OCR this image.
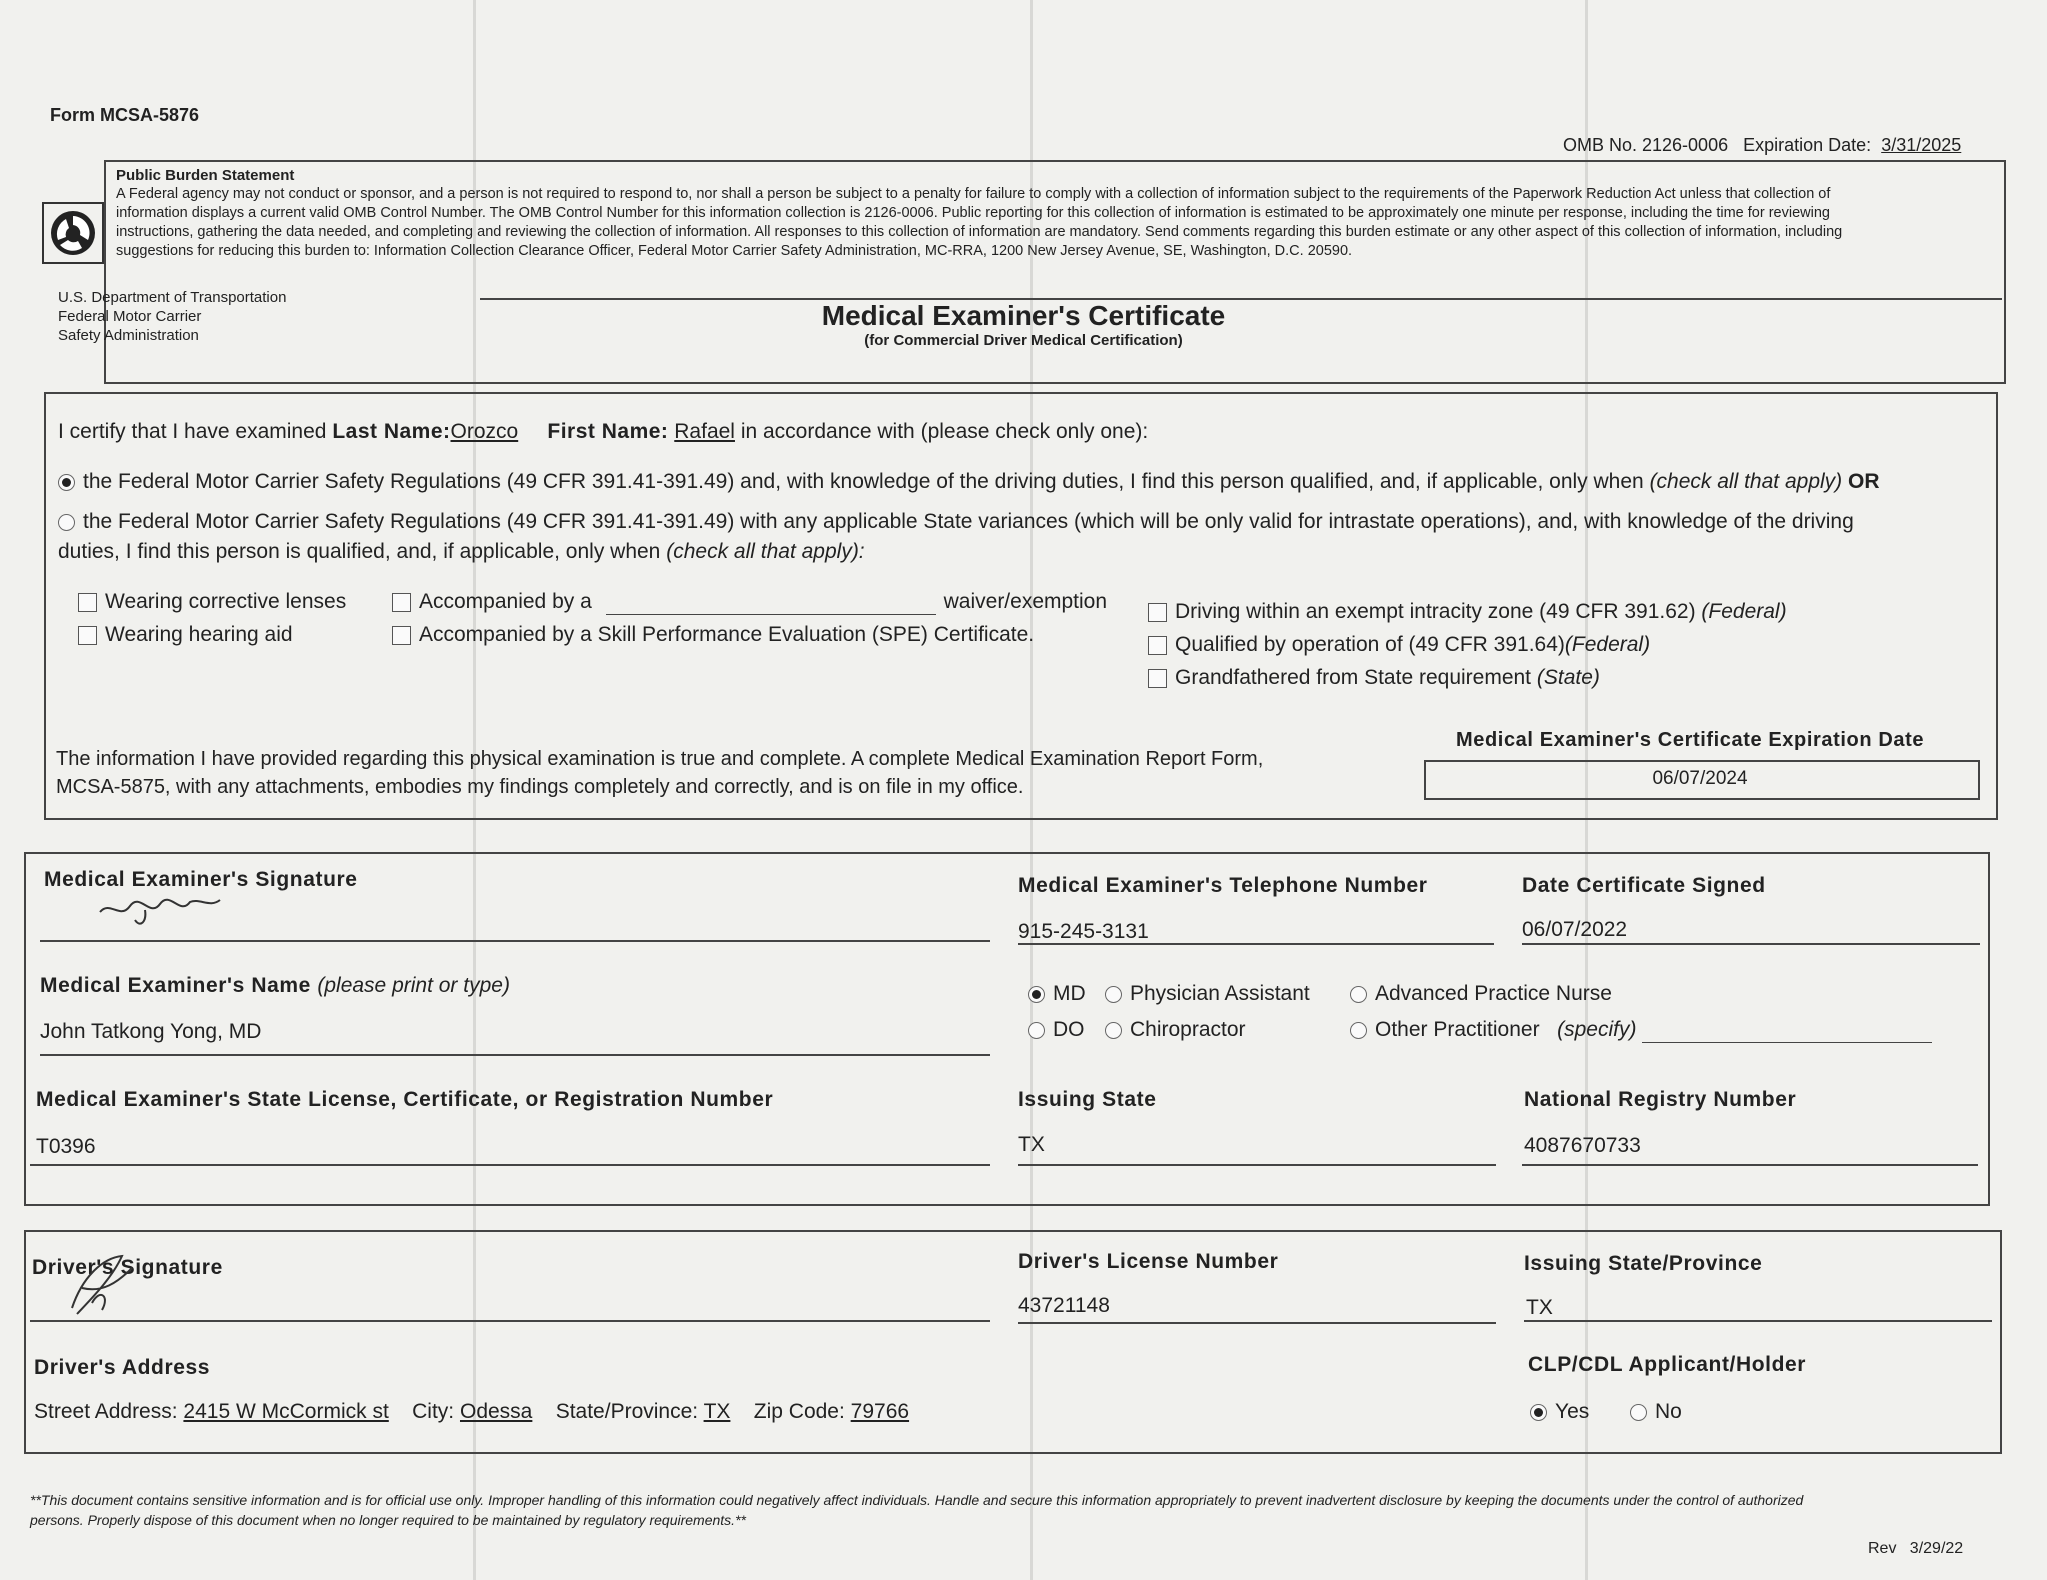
Form MCSA-5876
OMB No. 2126-0006 Expiration Date: 3/31/2025
Public Burden Statement
A Federal agency may not conduct or sponsor, and a person is not required to respond to, nor shall a person be subject to a penalty for failure to comply with a collection of information subject to the requirements of the Paperwork Reduction Act unless that collection of
information displays a current valid OMB Control Number. The OMB Control Number for this information collection is 2126-0006. Public reporting for this collection of information is estimated to be approximately one minute per response, including the time for reviewing
instructions, gathering the data needed, and completing and reviewing the collection of information. All responses to this collection of information are mandatory. Send comments regarding this burden estimate or any other aspect of this collection of information, including
suggestions for reducing this burden to: Information Collection Clearance Officer, Federal Motor Carrier Safety Administration, MC-RRA, 1200 New Jersey Avenue, SE, Washington, D.C. 20590.
U.S. Department of Transportation
Federal Motor Carrier
Safety Administration
Medical Examiner's Certificate
(for Commercial Driver Medical Certification)
I certify that I have examined Last Name:Orozco First Name: Rafael in accordance with (please check only one):
the Federal Motor Carrier Safety Regulations (49 CFR 391.41-391.49) and, with knowledge of the driving duties, I find this person qualified, and, if applicable, only when (check all that apply) OR
the Federal Motor Carrier Safety Regulations (49 CFR 391.41-391.49) with any applicable State variances (which will be only valid for intrastate operations), and, with knowledge of the driving
duties, I find this person is qualified, and, if applicable, only when (check all that apply):
Wearing corrective lenses
Wearing hearing aid
Accompanied by a	waiver/exemption
Accompanied by a Skill Performance Evaluation (SPE) Certificate.
Driving within an exempt intracity zone (49 CFR 391.62) (Federal)
Qualified by operation of (49 CFR 391.64)(Federal)
Grandfathered from State requirement (State)
The information I have provided regarding this physical examination is true and complete. A complete Medical Examination Report Form,
MCSA-5875, with any attachments, embodies my findings completely and correctly, and is on file in my office.
Medical Examiner's Certificate Expiration Date
06/07/2024
Medical Examiner's Signature	Medical Examiner's Telephone Number
915-245-3131
Date Certificate Signed
06/07/2022
Medical Examiner's Name (please print or type)
John Tatkong Yong, MD
MD	Physician Assistant	Advanced Practice Nurse
DO	Chiropractor	Other Practitioner (specify)
Medical Examiner's State License, Certificate, or Registration Number
T0396
Issuing State
TX
National Registry Number
4087670733
Driver's Signature	Driver's License Number
43721148
Issuing State/Province
TX
Driver's Address
Street Address: 2415 W McCormick st City: Odessa State/Province: TX Zip Code: 79766
CLP/CDL Applicant/Holder
Yes	No
**This document contains sensitive information and is for official use only. Improper handling of this information could negatively affect individuals. Handle and secure this information appropriately to prevent inadvertent disclosure by keeping the documents under the control of authorized
persons. Properly dispose of this document when no longer required to be maintained by regulatory requirements.**
Rev 3/29/22
